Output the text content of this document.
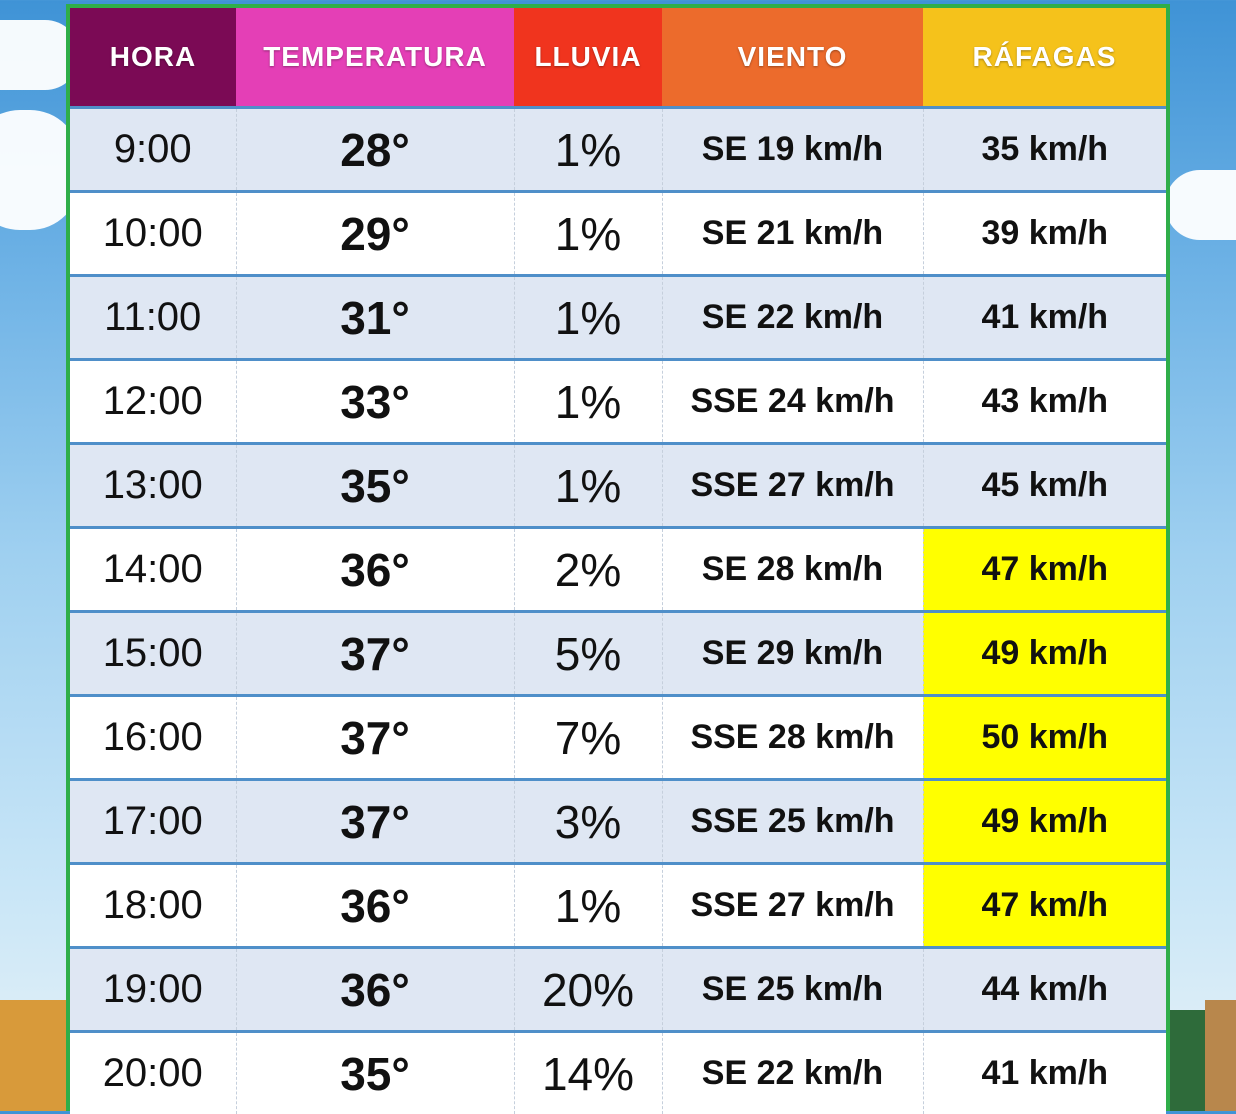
HORA	TEMPERATURA	LLUVIA	VIENTO	RÁFAGAS
9:00	28°	1%	SE 19 km/h	35 km/h
10:00	29°	1%	SE 21 km/h	39 km/h
11:00	31°	1%	SE 22 km/h	41 km/h
12:00	33°	1%	SSE 24 km/h	43 km/h
13:00	35°	1%	SSE 27 km/h	45 km/h
14:00	36°	2%	SE 28 km/h	47 km/h
15:00	37°	5%	SE 29 km/h	49 km/h
16:00	37°	7%	SSE 28 km/h	50 km/h
17:00	37°	3%	SSE 25 km/h	49 km/h
18:00	36°	1%	SSE 27 km/h	47 km/h
19:00	36°	20%	SE 25 km/h	44 km/h
20:00	35°	14%	SE 22 km/h	41 km/h
